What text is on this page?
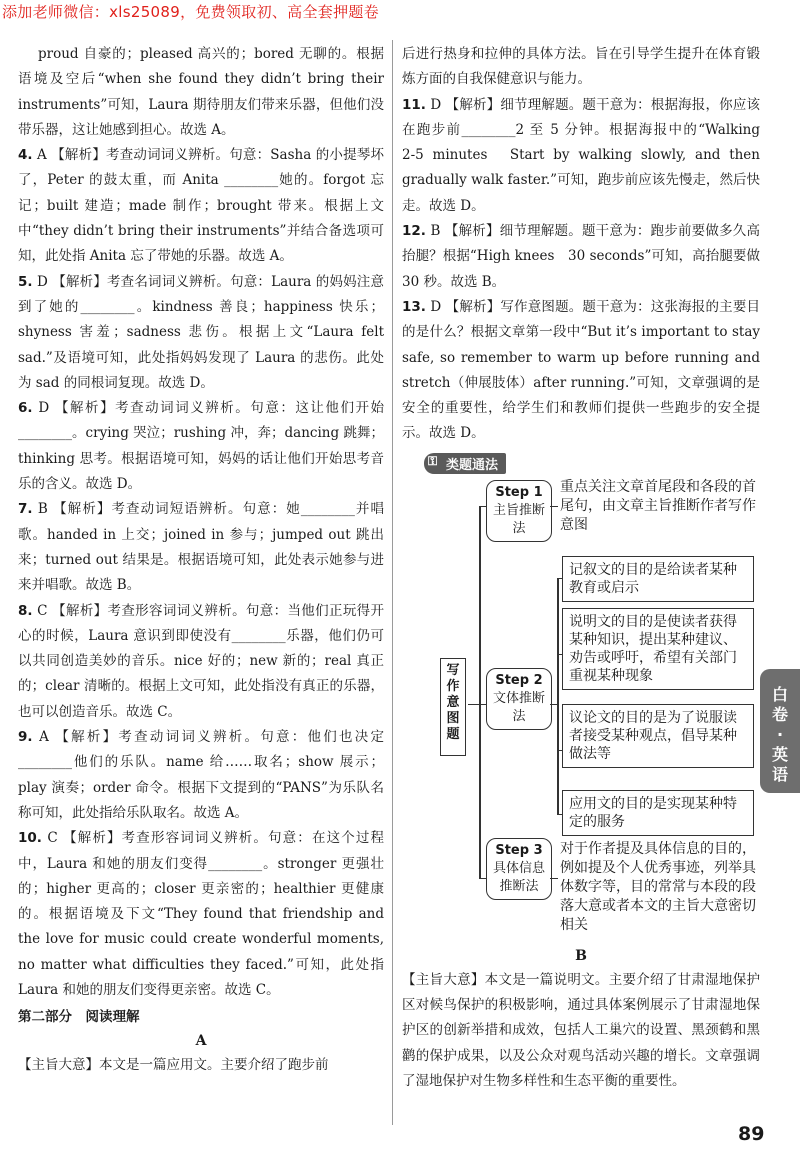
添加老师微信：xls25089，免费领取初、高全套押题卷

proud 自豪的；pleased 高兴的；bored 无聊的。根据语境及空后“when she found they didn’t bring their instruments”可知，Laura 期待朋友们带来乐器，但他们没带乐器，这让她感到担心。故选 A。

4. A 【解析】考查动词词义辨析。句意：Sasha 的小提琴坏了，Peter 的鼓太重，而 Anita ________她的。forgot 忘记；built 建造；made 制作；brought 带来。根据上文中“they didn’t bring their instruments”并结合备选项可知，此处指 Anita 忘了带她的乐器。故选 A。

5. D 【解析】考查名词词义辨析。句意：Laura 的妈妈注意到了她的________。kindness 善良；happiness 快乐；shyness 害羞；sadness 悲伤。根据上文“Laura felt sad.”及语境可知，此处指妈妈发现了 Laura 的悲伤。此处为 sad 的同根词复现。故选 D。

6. D 【解析】考查动词词义辨析。句意：这让他们开始________。crying 哭泣；rushing 冲，奔；dancing 跳舞；thinking 思考。根据语境可知，妈妈的话让他们开始思考音乐的含义。故选 D。

7. B 【解析】考查动词短语辨析。句意：她________并唱歌。handed in 上交；joined in 参与；jumped out 跳出来；turned out 结果是。根据语境可知，此处表示她参与进来并唱歌。故选 B。

8. C 【解析】考查形容词词义辨析。句意：当他们正玩得开心的时候，Laura 意识到即使没有________乐器，他们仍可以共同创造美妙的音乐。nice 好的；new 新的；real 真正的；clear 清晰的。根据上文可知，此处指没有真正的乐器，也可以创造音乐。故选 C。

9. A 【解析】考查动词词义辨析。句意：他们也决定________他们的乐队。name 给……取名；show 展示；play 演奏；order 命令。根据下文提到的“PANS”为乐队名称可知，此处指给乐队取名。故选 A。

10. C 【解析】考查形容词词义辨析。句意：在这个过程中，Laura 和她的朋友们变得________。stronger 更强壮的；higher 更高的；closer 更亲密的；healthier 更健康的。根据语境及下文“They found that friendship and the love for music could create wonderful moments, no matter what difficulties they faced.”可知，此处指 Laura 和她的朋友们变得更亲密。故选 C。

第二部分　阅读理解

A

【主旨大意】本文是一篇应用文。主要介绍了跑步前

后进行热身和拉伸的具体方法。旨在引导学生提升在体育锻炼方面的自我保健意识与能力。

11. D 【解析】细节理解题。题干意为：根据海报，你应该在跑步前________2 至 5 分钟。根据海报中的“Walking　2-5 minutes　Start by walking slowly, and then gradually walk faster.”可知，跑步前应该先慢走，然后快走。故选 D。

12. B 【解析】细节理解题。题干意为：跑步前要做多久高抬腿？根据“High knees　30 seconds”可知，高抬腿要做 30 秒。故选 B。

13. D 【解析】写作意图题。题干意为：这张海报的主要目的是什么？根据文章第一段中“But it’s important to stay safe, so remember to warm up before running and stretch（伸展肢体）after running.”可知，文章强调的是安全的重要性，给学生们和教师们提供一些跑步的安全提示。故选 D。

⚿ 类题通法
写作意图题
Step 1
主旨推断法

重点关注文章首尾段和各段的首尾句，由文章主旨推断作者写作意图

Step 2
文体推断法
记叙文的目的是给读者某种教育或启示
说明文的目的是使读者获得某种知识，提出某种建议、劝告或呼吁，希望有关部门重视某种现象
议论文的目的是为了说服读者接受某种观点，倡导某种做法等
应用文的目的是实现某种特定的服务
Step 3
具体信息推断法

对于作者提及具体信息的目的，例如提及个人优秀事迹，列举具体数字等，目的常常与本段的段落大意或者本文的主旨大意密切相关

B

【主旨大意】本文是一篇说明文。主要介绍了甘肃湿地保护区对候鸟保护的积极影响，通过具体案例展示了甘肃湿地保护区的创新举措和成效，包括人工巢穴的设置、黑颈鹤和黑鹳的保护成果，以及公众对观鸟活动兴趣的增长。文章强调了湿地保护对生物多样性和生态平衡的重要性。

白卷·英语
89
